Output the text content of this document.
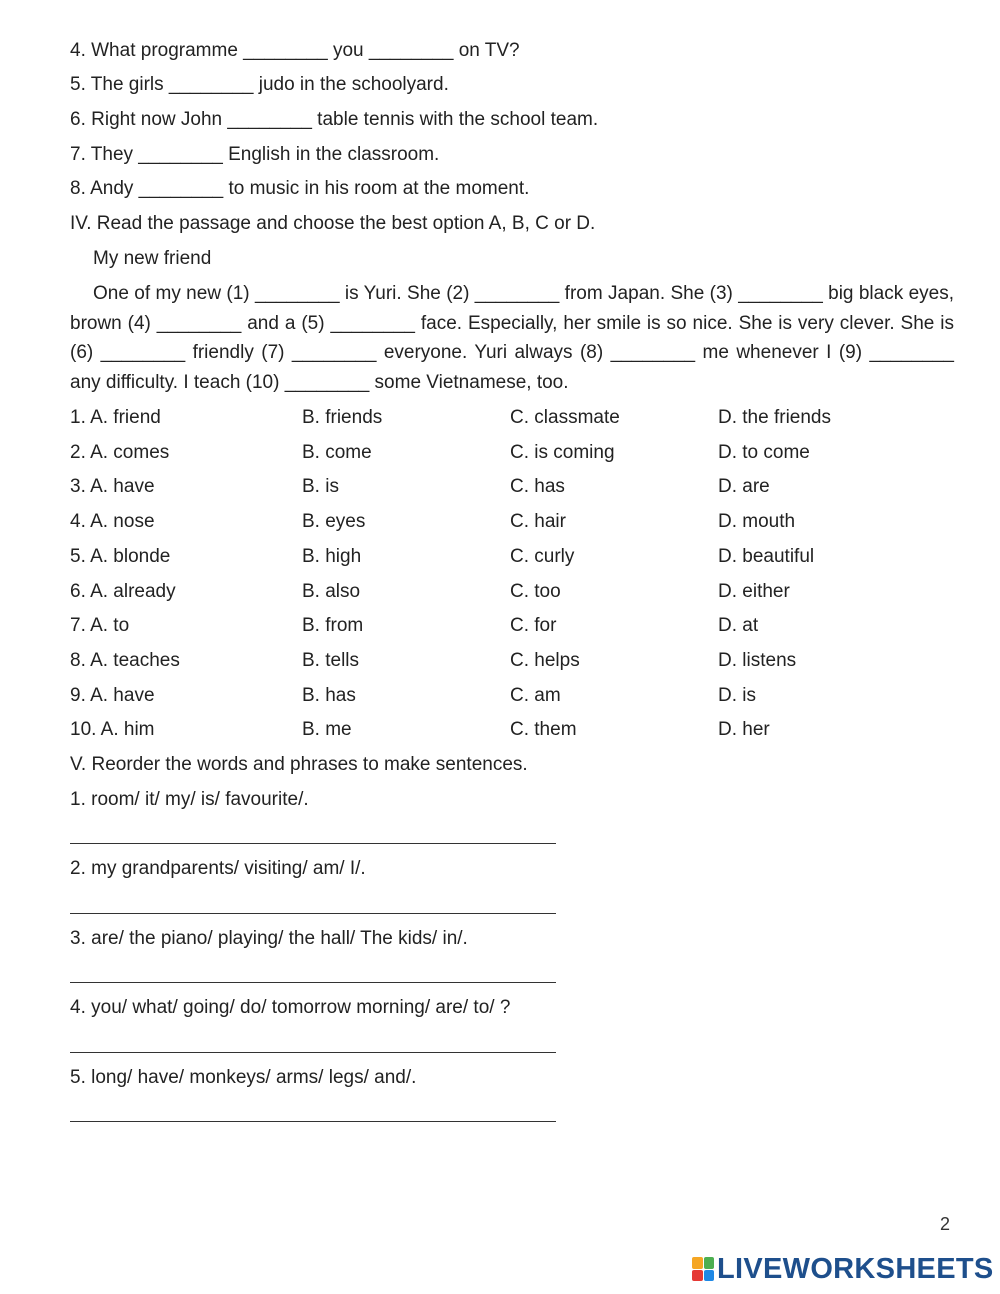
4. What programme ________ you ________ on TV?
5. The girls ________ judo in the schoolyard.
6. Right now John ________ table tennis with the school team.
7. They ________ English in the classroom.
8. Andy ________ to music in his room at the moment.
IV. Read the passage and choose the best option A, B, C or D.
My new friend
One of my new (1) ________ is Yuri. She (2) ________ from Japan. She (3) ________ big black eyes, brown (4) ________ and a (5) ________ face. Especially, her smile is so nice. She is very clever. She is (6) ________ friendly (7) ________ everyone. Yuri always (8) ________ me whenever I (9) ________ any difficulty. I teach (10) ________ some Vietnamese, too.
1. A. friend	B. friends	C. classmate	D. the friends
2. A. comes	B. come	C. is coming	D. to come
3. A. have	B. is	C. has	D. are
4. A. nose	B. eyes	C. hair	D. mouth
5. A. blonde	B. high	C. curly	D. beautiful
6. A. already	B. also	C. too	D. either
7. A. to	B. from	C. for	D. at
8. A. teaches	B. tells	C. helps	D. listens
9. A. have	B. has	C. am	D. is
10. A. him	B. me	C. them	D. her
V. Reorder the words and phrases to make sentences.
1. room/ it/ my/ is/ favourite/.
2. my grandparents/ visiting/ am/ I/.
3. are/ the piano/ playing/ the hall/ The kids/ in/.
4. you/ what/ going/ do/ tomorrow morning/ are/ to/ ?
5. long/ have/ monkeys/ arms/ legs/ and/.
2
LIVEWORKSHEETS
